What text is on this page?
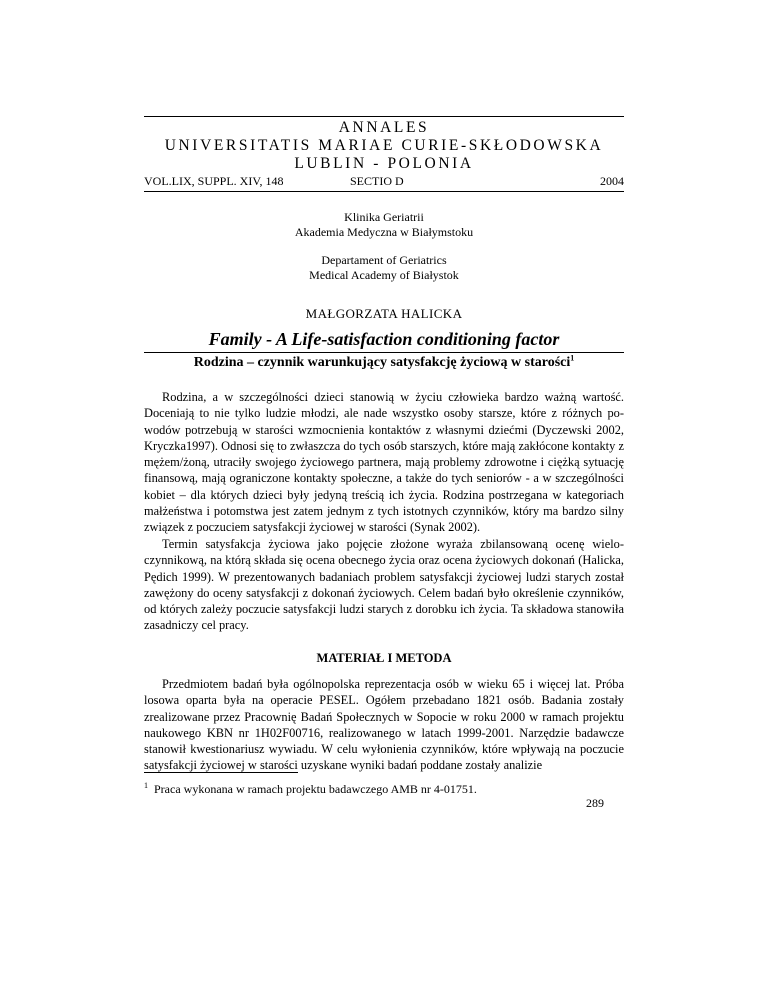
ANNALES
UNIVERSITATIS MARIAE CURIE-SKŁODOWSKA
LUBLIN - POLONIA
VOL.LIX, SUPPL. XIV, 148	SECTIO D	2004
Klinika Geriatrii
Akademia Medyczna w Białymstoku
Departament of Geriatrics
Medical Academy of Białystok
MAŁGORZATA HALICKA
Family - A Life-satisfaction conditioning factor
Rodzina – czynnik warunkujący satysfakcję życiową w starości$^1$
Rodzina, a w szczególności dzieci stanowią w życiu człowieka bardzo ważną wartość. Doceniają to nie tylko ludzie młodzi, ale nade wszystko osoby starsze, które z różnych powodów potrzebują w starości wzmocnienia kontaktów z własnymi dziećmi (Dyczewski 2002, Kryczka1997). Odnosi się to zwłaszcza do tych osób starszych, które mają zakłócone kontakty z mężem/żoną, utraciły swojego życiowego partnera, mają problemy zdrowotne i ciężką sytuację finansową, mają ograniczone kontakty społeczne, a także do tych seniorów - a w szczególności kobiet – dla których dzieci były jedyną treścią ich życia. Rodzina postrzegana w kategoriach małżeństwa i potomstwa jest zatem jednym z tych istotnych czynników, który ma bardzo silny związek z poczuciem satysfakcji życiowej w starości (Synak 2002).
Termin satysfakcja życiowa jako pojęcie złożone wyraża zbilansowaną ocenę wieloczynnikową, na którą składa się ocena obecnego życia oraz ocena życiowych dokonań (Halicka, Pędich 1999). W prezentowanych badaniach problem satysfakcji życiowej ludzi starych został zawężony do oceny satysfakcji z dokonań życiowych. Celem badań było określenie czynników, od których zależy poczucie satysfakcji ludzi starych z dorobku ich życia. Ta składowa stanowiła zasadniczy cel pracy.
MATERIAŁ I METODA
Przedmiotem badań była ogólnopolska reprezentacja osób w wieku 65 i więcej lat. Próba losowa oparta była na operacie PESEL. Ogółem przebadano 1821 osób. Badania zostały zrealizowane przez Pracownię Badań Społecznych w Sopocie w roku 2000 w ramach projektu naukowego KBN nr 1H02F00716, realizowanego w latach 1999-2001. Narzędzie badawcze stanowił kwestionariusz wywiadu. W celu wyłonienia czynników, które wpływają na poczucie satysfakcji życiowej w starości uzyskane wyniki badań poddane zostały analizie
$^1$ Praca wykonana w ramach projektu badawczego AMB nr 4-01751.
289
